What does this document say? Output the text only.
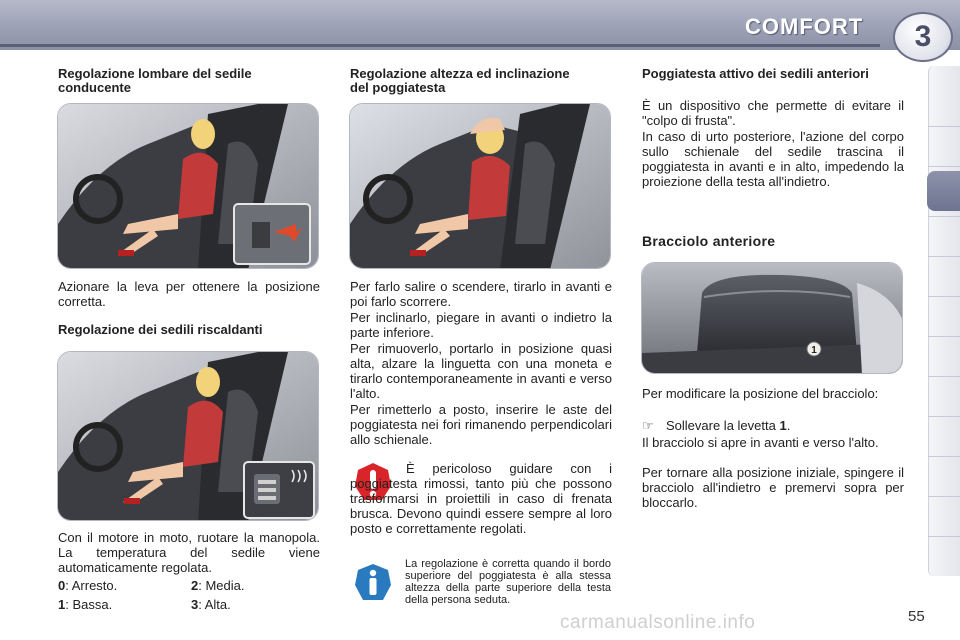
COMFORT	3
Regolazione lombare del sedile conducente
Azionare la leva per ottenere la posizione corretta.
Regolazione dei sedili riscaldanti
Con il motore in moto, ruotare la manopola. La temperatura del sedile viene automaticamente regolata.
0: Arresto.	2: Media.
1: Bassa.	3: Alta.
Regolazione altezza ed inclinazione del poggiatesta
Per farlo salire o scendere, tirarlo in avanti e poi farlo scorrere.
Per inclinarlo, piegare in avanti o indietro la parte inferiore.
Per rimuoverlo, portarlo in posizione quasi alta, alzare la linguetta con una moneta e tirarlo contemporaneamente in avanti e verso l'alto.
Per rimetterlo a posto, inserire le aste del poggiatesta nei fori rimanendo perpendicolari allo schienale.
È pericoloso guidare con i poggiatesta rimossi, tanto più che possono trasformarsi in proiettili in caso di frenata brusca. Devono quindi essere sempre al loro posto e correttamente regolati.
La regolazione è corretta quando il bordo superiore del poggiatesta è alla stessa altezza della parte superiore della testa della persona seduta.
Poggiatesta attivo dei sedili anteriori
È un dispositivo che permette di evitare il "colpo di frusta".
In caso di urto posteriore, l'azione del corpo sullo schienale del sedile trascina il poggiatesta in avanti e in alto, impedendo la proiezione della testa all'indietro.
Bracciolo anteriore
1
Per modificare la posizione del bracciolo:
☞ Sollevare la levetta 1.
Il bracciolo si apre in avanti e verso l'alto.
Per tornare alla posizione iniziale, spingere il bracciolo all'indietro e premervi sopra per bloccarlo.
carmanualsonline.info	55
